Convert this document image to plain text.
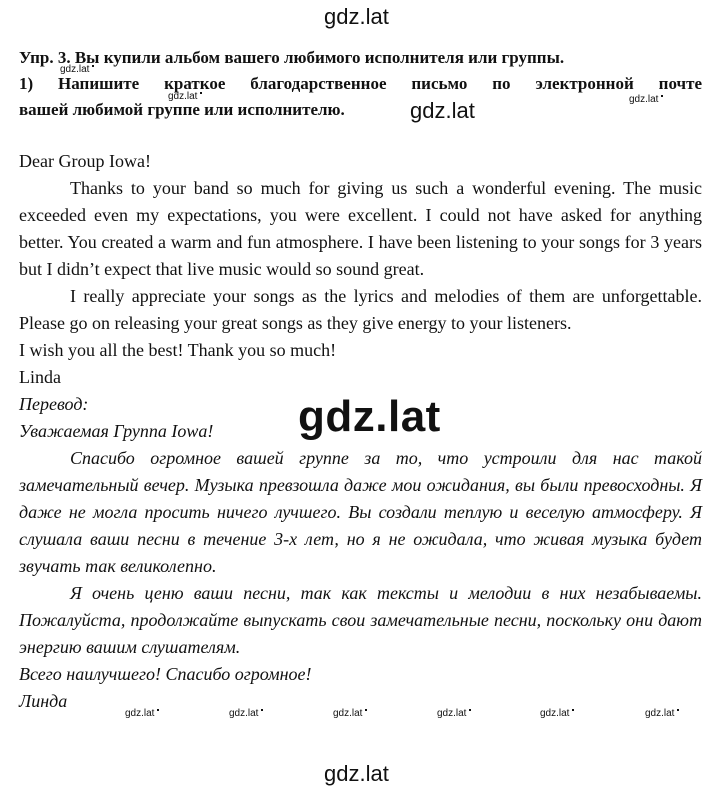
gdz.lat
Упр. 3. Вы купили альбом вашего любимого исполнителя или группы.
1) Напишите краткое благодарственное письмо по электронной почте
вашей любимой группе или исполнителю.
gdz.lat
gdz.lat	gdz.lat
gdz.lat

Dear Group Iowa!

Thanks to your band so much for giving us such a wonderful evening. The music exceeded even my expectations, you were excellent. I could not have asked for anything better. You created a warm and fun atmosphere. I have been listening to your songs for 3 years but I didn’t expect that live music would so sound great.

I really appreciate your songs as the lyrics and melodies of them are unforgettable. Please go on releasing your great songs as they give energy to your listeners.

I wish you all the best! Thank you so much!

Linda

Перевод:

Уважаемая Группа Iowa!

Спасибо огромное вашей группе за то, что устроили для нас такой замечательный вечер. Музыка превзошла даже мои ожидания, вы были превосходны. Я даже не могла просить ничего лучшего. Вы создали теплую и веселую атмосферу. Я слушала ваши песни в течение 3-х лет, но я не ожидала, что живая музыка будет звучать так великолепно.

Я очень ценю ваши песни, так как тексты и мелодии в них незабываемы. Пожалуйста, продолжайте выпускать свои замечательные песни, поскольку они дают энергию вашим слушателям.

Всего наилучшего! Спасибо огромное!

Линда

gdz.lat
gdz.lat	gdz.lat	gdz.lat	gdz.lat	gdz.lat	gdz.lat
gdz.lat
